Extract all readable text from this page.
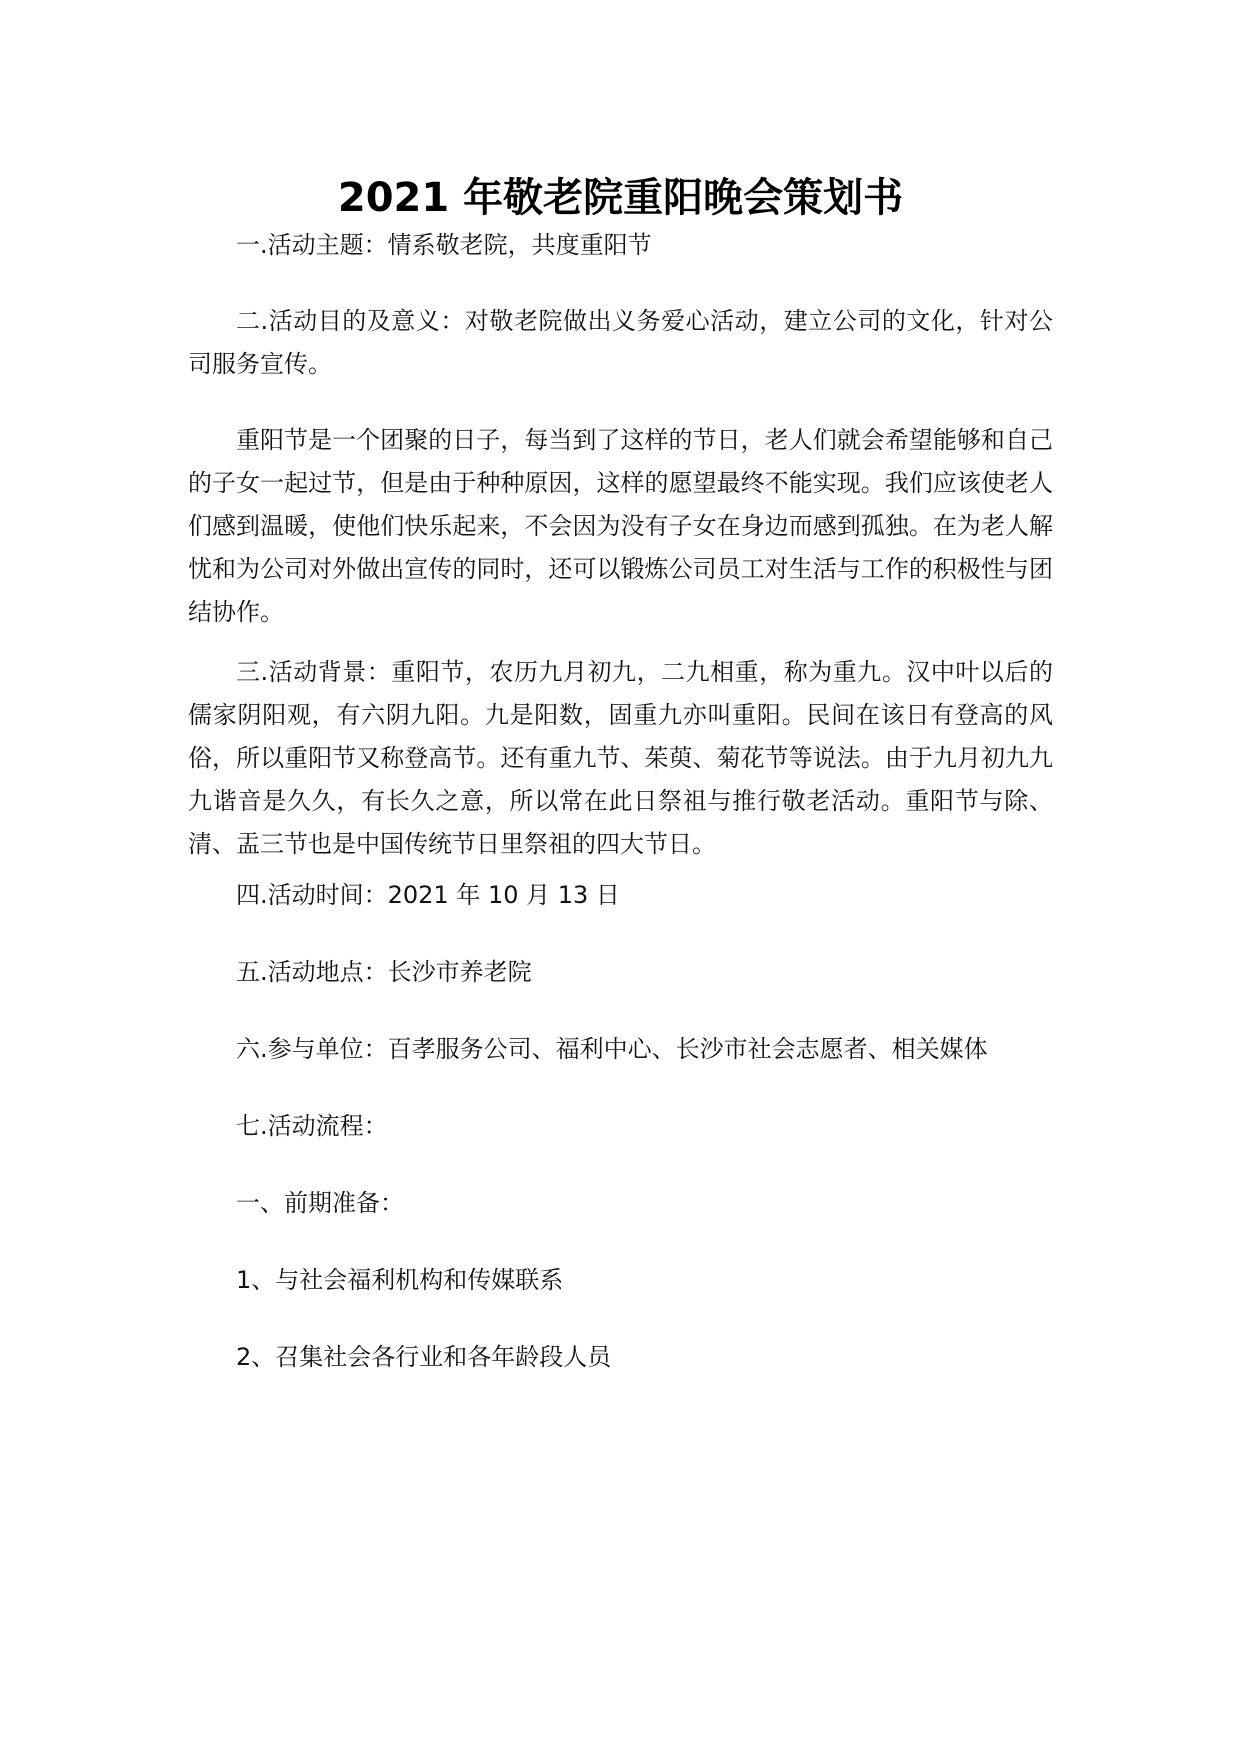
2021 年敬老院重阳晚会策划书
一.活动主题：情系敬老院，共度重阳节
二.活动目的及意义：对敬老院做出义务爱心活动，建立公司的文化，针对公司服务宣传。
重阳节是一个团聚的日子，每当到了这样的节日，老人们就会希望能够和自己的子女一起过节，但是由于种种原因，这样的愿望最终不能实现。我们应该使老人们感到温暖，使他们快乐起来，不会因为没有子女在身边而感到孤独。在为老人解忧和为公司对外做出宣传的同时，还可以锻炼公司员工对生活与工作的积极性与团结协作。
三.活动背景：重阳节，农历九月初九，二九相重，称为重九。汉中叶以后的儒家阴阳观，有六阴九阳。九是阳数，固重九亦叫重阳。民间在该日有登高的风俗，所以重阳节又称登高节。还有重九节、茱萸、菊花节等说法。由于九月初九九九谐音是久久，有长久之意，所以常在此日祭祖与推行敬老活动。重阳节与除、清、盂三节也是中国传统节日里祭祖的四大节日。
四.活动时间：2021 年 10 月 13 日
五.活动地点：长沙市养老院
六.参与单位：百孝服务公司、福利中心、长沙市社会志愿者、相关媒体
七.活动流程：
一、前期准备：
1、与社会福利机构和传媒联系
2、召集社会各行业和各年龄段人员
